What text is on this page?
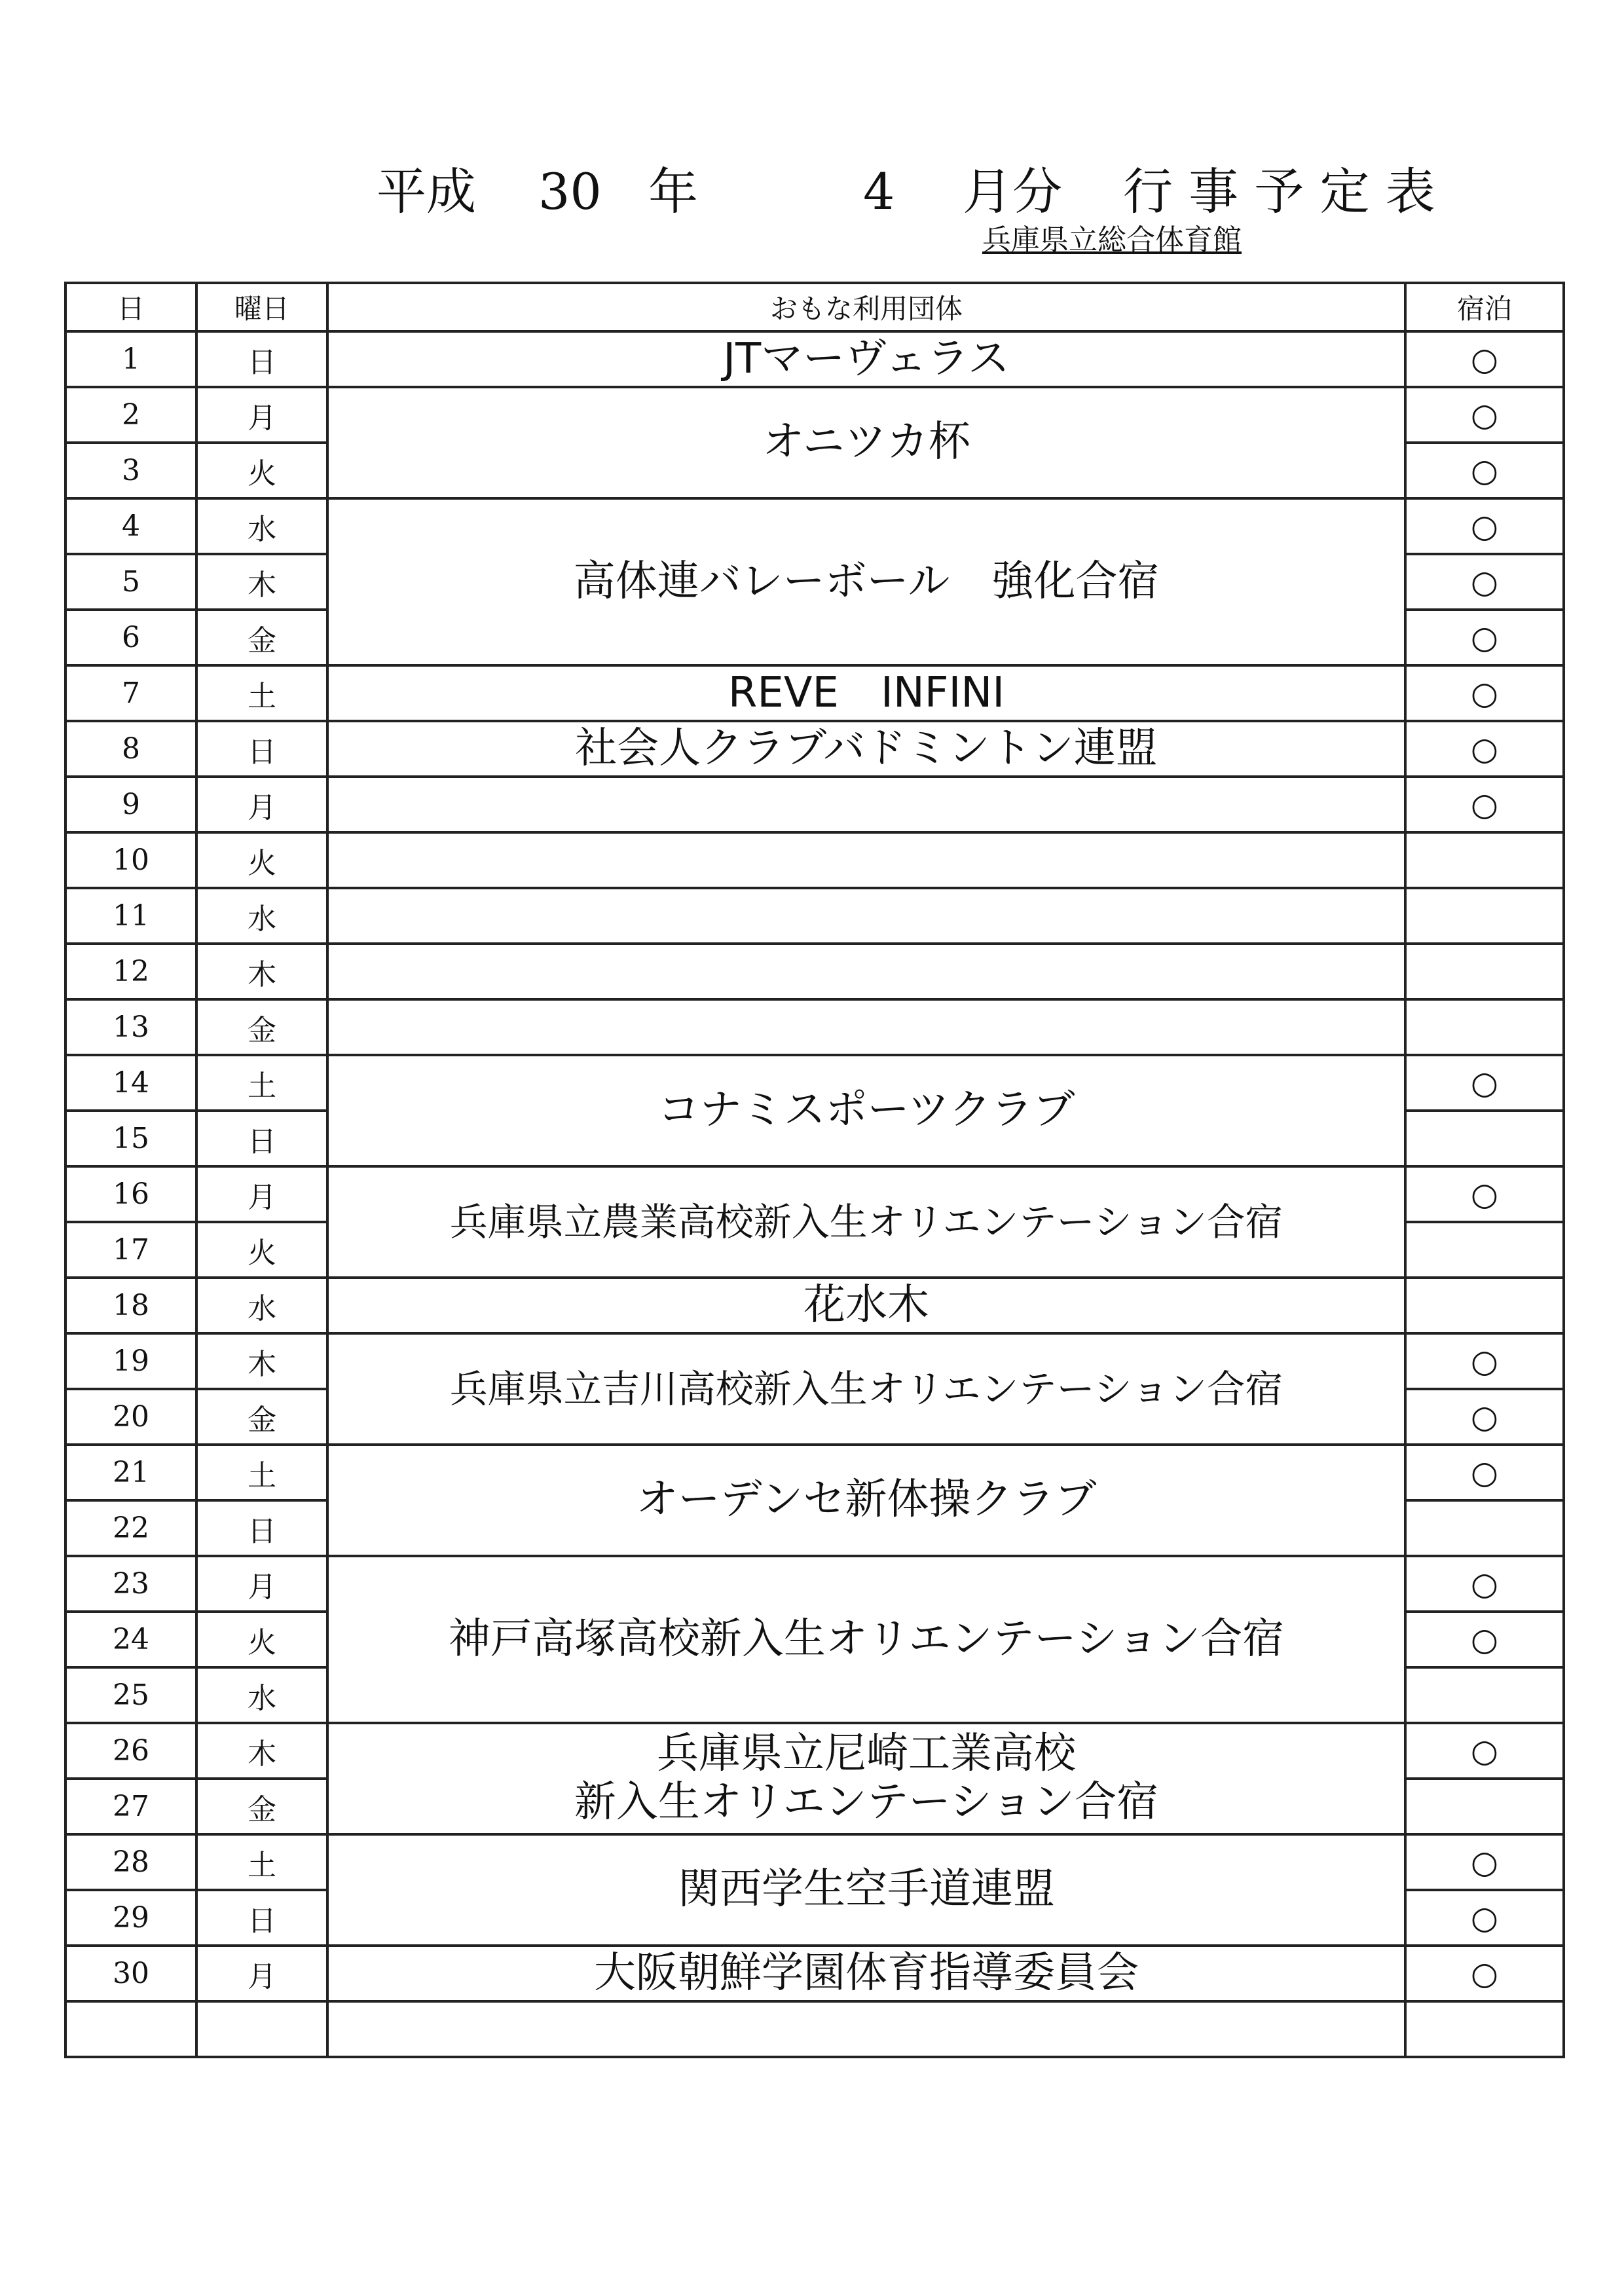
平成 30 年	4 月分 行 事 予 定 表
兵庫県立総合体育館
日	曜日	おもな利用団体	宿泊
1	日	JTマーヴェラス	○
2	月	オニツカ杯	○
3	火		○
4	水	高体連バレーボール　強化合宿	○
5	木		○
6	金		○
7	土	REVE　INFINI	○
8	日	社会人クラブバドミントン連盟	○
9	月		○
10	火		
11	水		
12	木		
13	金		
14	土	コナミスポーツクラブ	○
15	日		
16	月	兵庫県立農業高校新入生オリエンテーション合宿	○
17	火		
18	水	花水木	
19	木	兵庫県立吉川高校新入生オリエンテーション合宿	○
20	金		○
21	土	オーデンセ新体操クラブ	○
22	日		
23	月	神戸高塚高校新入生オリエンテーション合宿	○
24	火		○
25	水		
26	木	兵庫県立尼崎工業高校
新入生オリエンテーション合宿	○
27	金		
28	土	関西学生空手道連盟	○
29	日		○
30	月	大阪朝鮮学園体育指導委員会	○
